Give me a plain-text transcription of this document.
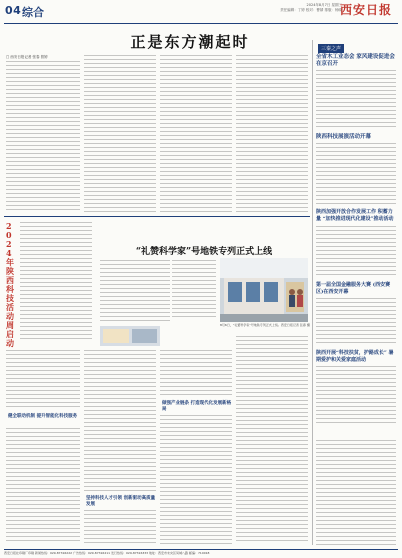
04 综合
2024年8月7日 星期三
责任编辑：丁婷 校对：曹婧 排版：杨晓
西安日报
正是东方潮起时
□ 西安日报记者 张春 曾婷
三秦之声
全省木工业态会 家风建设促进会在京召开
陕西科技展演活动开幕
陕西加强开放合作发展工作 积蓄力量 “加快推进现代化建设”推动活动
第一届全国金融服务大赛 (西安赛区)在西安开幕
陕西开展“科技扶贫，护路成长” 暑期爱护和关爱家庭活动
2024年陕西科技活动周启动
“礼赞科学家”号地铁专列正式上线
8月6日，“礼赞科学家”号地铁专列正式上线。西安日报记者 张春 摄
健全联动机制 提升智能化科技服务
坚持科技人才引领 创新驱动高质量发展
做强产业链条 打造现代化发展新格局
西安日报社印刷厂印刷 新闻热线：029-87316222 广告热线：029-87316211 发行热线：029-87316333 地址：西安市未央区凤城八路 邮编：710018
